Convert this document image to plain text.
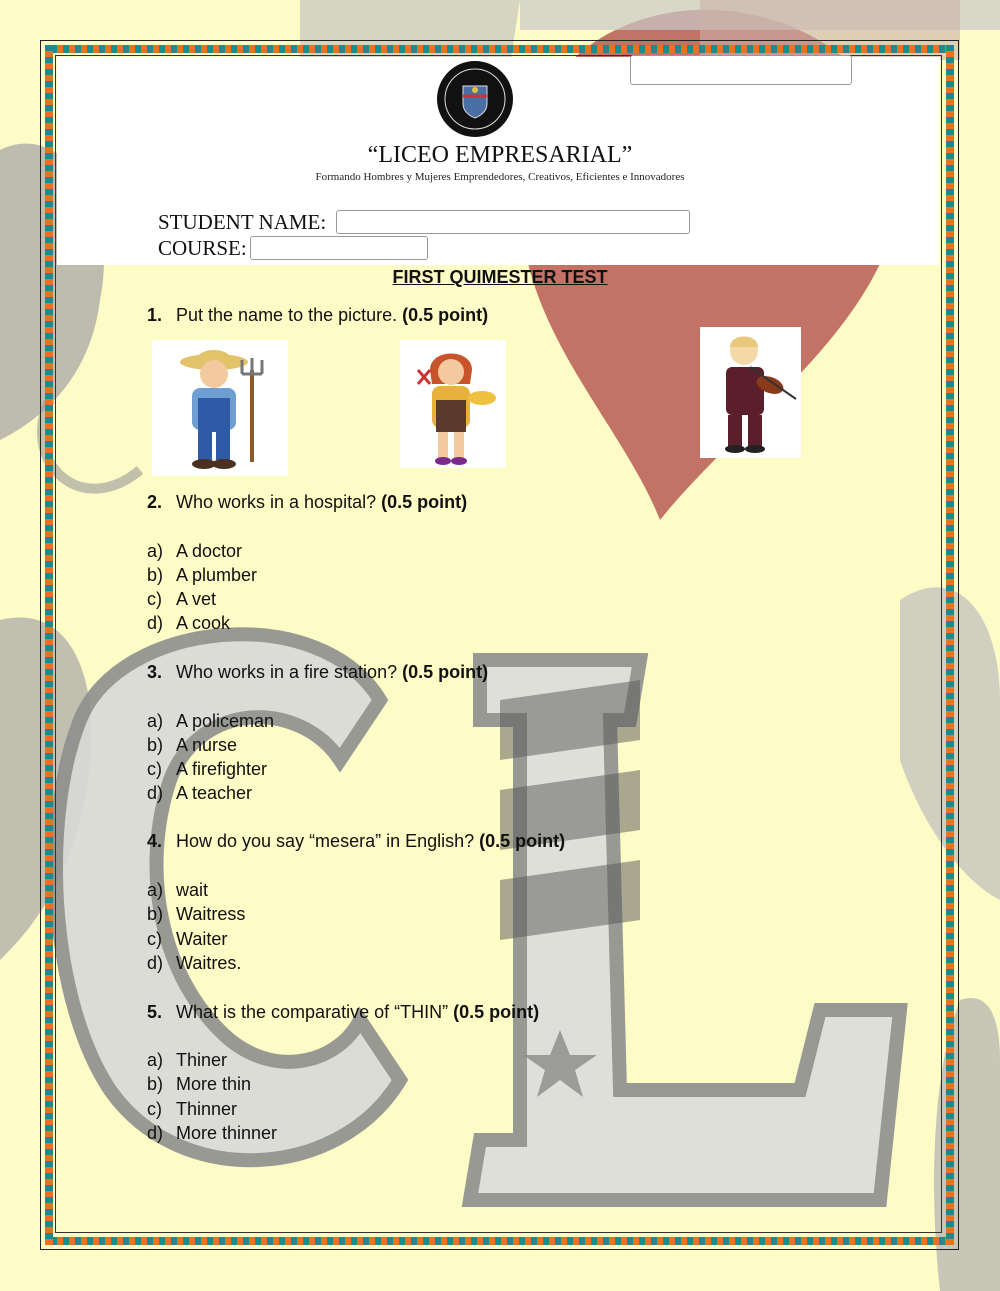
“LICEO EMPRESARIAL”
Formando Hombres y Mujeres Emprendedores, Creativos, Eficientes e Innovadores
STUDENT NAME:
COURSE:
FIRST QUIMESTER TEST
1. Put the name to the picture. (0.5 point)
2. Who works in a hospital? (0.5 point)
a) A doctor
b) A plumber
c) A vet
d) A cook
3. Who works in a fire station? (0.5 point)
a) A policeman
b) A nurse
c) A firefighter
d) A teacher
4. How do you say “mesera” in English? (0.5 point)
a) wait
b) Waitress
c) Waiter
d) Waitres.
5. What is the comparative of “THIN” (0.5 point)
a) Thiner
b) More thin
c) Thinner
d) More thinner
